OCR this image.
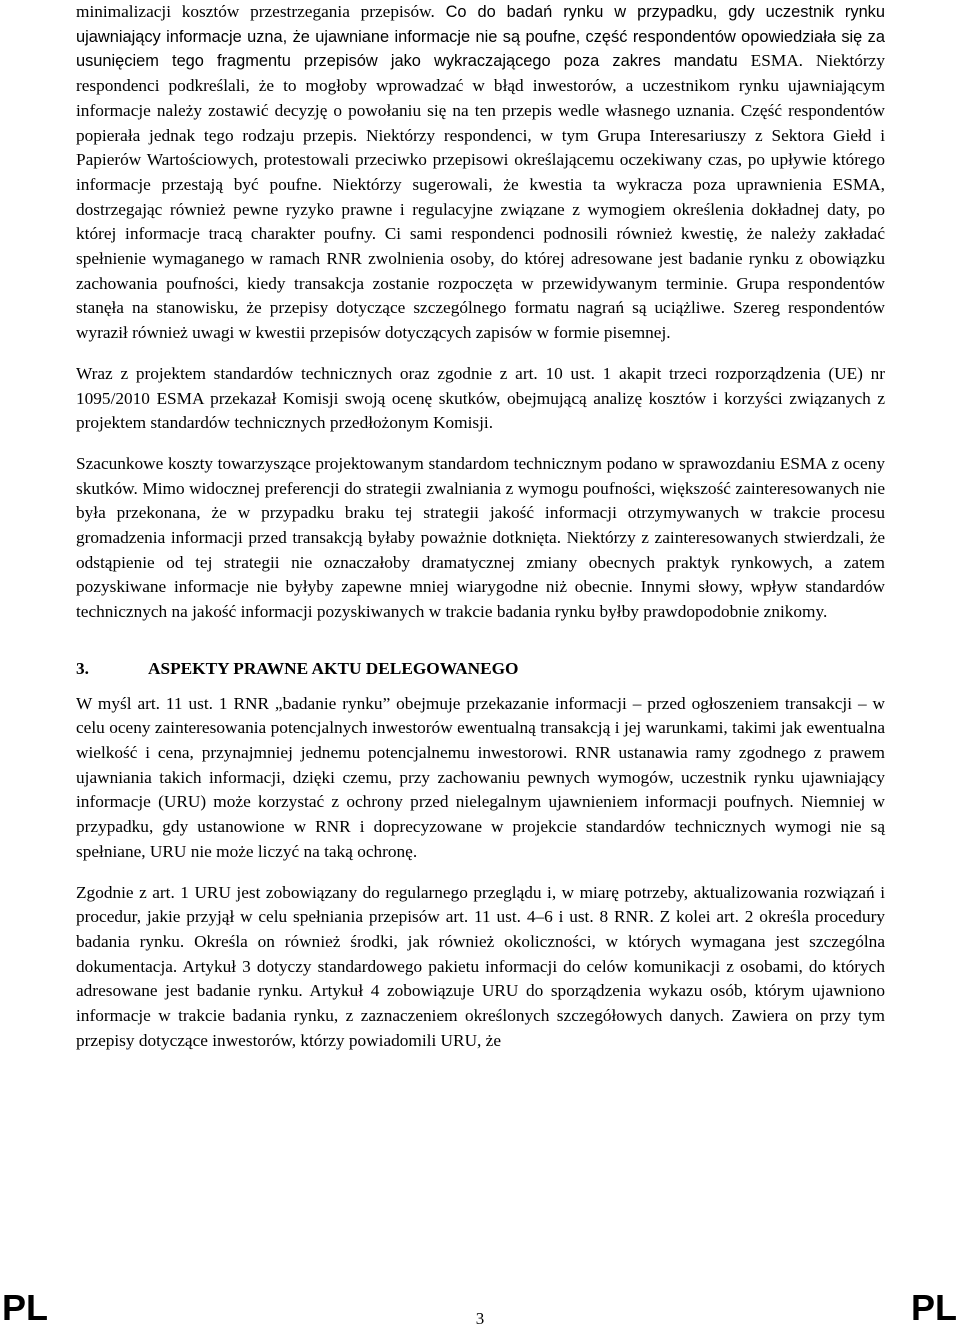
minimalizacji kosztów przestrzegania przepisów. Co do badań rynku w przypadku, gdy uczestnik rynku ujawniający informacje uzna, że ujawniane informacje nie są poufne, część respondentów opowiedziała się za usunięciem tego fragmentu przepisów jako wykraczającego poza zakres mandatu ESMA. Niektórzy respondenci podkreślali, że to mogłoby wprowadzać w błąd inwestorów, a uczestnikom rynku ujawniającym informacje należy zostawić decyzję o powołaniu się na ten przepis wedle własnego uznania. Część respondentów popierała jednak tego rodzaju przepis. Niektórzy respondenci, w tym Grupa Interesariuszy z Sektora Giełd i Papierów Wartościowych, protestowali przeciwko przepisowi określającemu oczekiwany czas, po upływie którego informacje przestają być poufne. Niektórzy sugerowali, że kwestia ta wykracza poza uprawnienia ESMA, dostrzegając również pewne ryzyko prawne i regulacyjne związane z wymogiem określenia dokładnej daty, po której informacje tracą charakter poufny. Ci sami respondenci podnosili również kwestię, że należy zakładać spełnienie wymaganego w ramach RNR zwolnienia osoby, do której adresowane jest badanie rynku z obowiązku zachowania poufności, kiedy transakcja zostanie rozpoczęta w przewidywanym terminie. Grupa respondentów stanęła na stanowisku, że przepisy dotyczące szczególnego formatu nagrań są uciążliwe. Szereg respondentów wyraził również uwagi w kwestii przepisów dotyczących zapisów w formie pisemnej.

Wraz z projektem standardów technicznych oraz zgodnie z art. 10 ust. 1 akapit trzeci rozporządzenia (UE) nr 1095/2010 ESMA przekazał Komisji swoją ocenę skutków, obejmującą analizę kosztów i korzyści związanych z projektem standardów technicznych przedłożonym Komisji.

Szacunkowe koszty towarzyszące projektowanym standardom technicznym podano w sprawozdaniu ESMA z oceny skutków. Mimo widocznej preferencji do strategii zwalniania z wymogu poufności, większość zainteresowanych nie była przekonana, że w przypadku braku tej strategii jakość informacji otrzymywanych w trakcie procesu gromadzenia informacji przed transakcją byłaby poważnie dotknięta. Niektórzy z zainteresowanych stwierdzali, że odstąpienie od tej strategii nie oznaczałoby dramatycznej zmiany obecnych praktyk rynkowych, a zatem pozyskiwane informacje nie byłyby zapewne mniej wiarygodne niż obecnie. Innymi słowy, wpływ standardów technicznych na jakość informacji pozyskiwanych w trakcie badania rynku byłby prawdopodobnie znikomy.

3.	ASPEKTY PRAWNE AKTU DELEGOWANEGO

W myśl art. 11 ust. 1 RNR „badanie rynku” obejmuje przekazanie informacji – przed ogłoszeniem transakcji – w celu oceny zainteresowania potencjalnych inwestorów ewentualną transakcją i jej warunkami, takimi jak ewentualna wielkość i cena, przynajmniej jednemu potencjalnemu inwestorowi. RNR ustanawia ramy zgodnego z prawem ujawniania takich informacji, dzięki czemu, przy zachowaniu pewnych wymogów, uczestnik rynku ujawniający informacje (URU) może korzystać z ochrony przed nielegalnym ujawnieniem informacji poufnych. Niemniej w przypadku, gdy ustanowione w RNR i doprecyzowane w projekcie standardów technicznych wymogi nie są spełniane, URU nie może liczyć na taką ochronę.

Zgodnie z art. 1 URU jest zobowiązany do regularnego przeglądu i, w miarę potrzeby, aktualizowania rozwiązań i procedur, jakie przyjął w celu spełniania przepisów art. 11 ust. 4–6 i ust. 8 RNR. Z kolei art. 2 określa procedury badania rynku. Określa on również środki, jak również okoliczności, w których wymagana jest szczególna dokumentacja. Artykuł 3 dotyczy standardowego pakietu informacji do celów komunikacji z osobami, do których adresowane jest badanie rynku. Artykuł 4 zobowiązuje URU do sporządzenia wykazu osób, którym ujawniono informacje w trakcie badania rynku, z zaznaczeniem określonych szczegółowych danych. Zawiera on przy tym przepisy dotyczące inwestorów, którzy powiadomili URU, że

PL	3	PL
